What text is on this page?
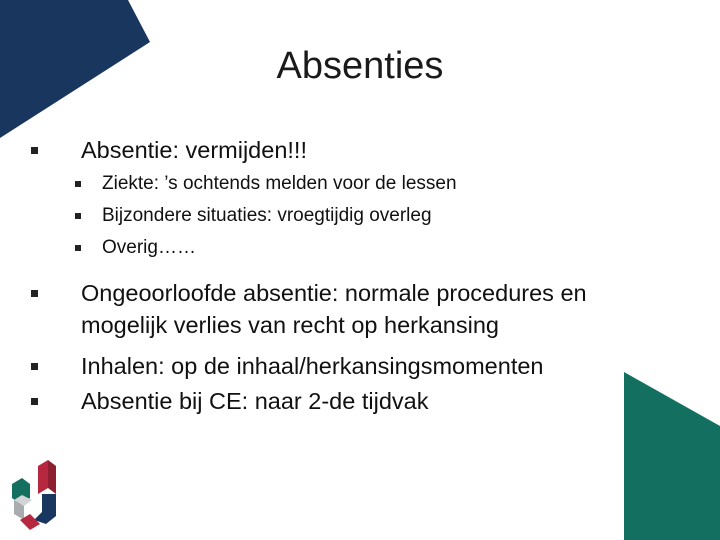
Absenties
Absentie: vermijden!!!
Ziekte: ’s ochtends melden voor de lessen
Bijzondere situaties: vroegtijdig overleg
Overig……
Ongeoorloofde absentie: normale procedures en
mogelijk verlies van recht op herkansing
Inhalen: op de inhaal/herkansingsmomenten
Absentie bij CE: naar 2-de tijdvak
